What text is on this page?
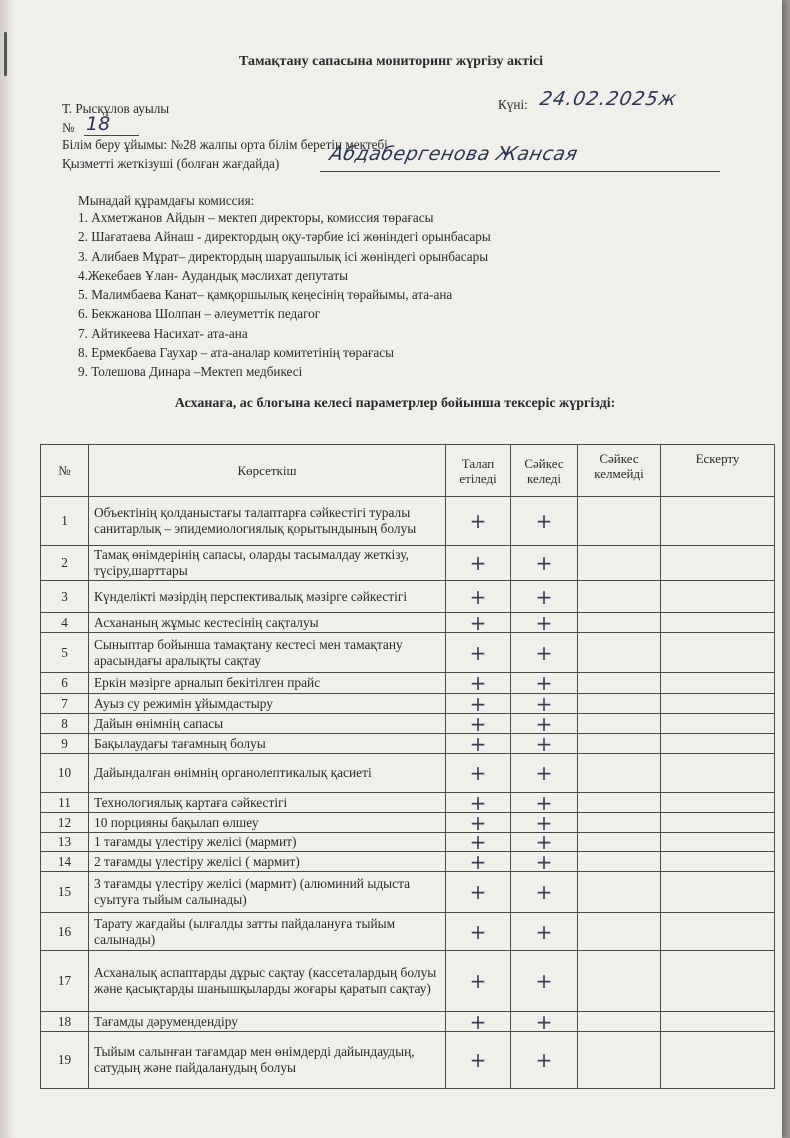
Тамақтану сапасына мониторинг жүргізу актісі
Т. Рысқұлов ауылы	Күні: 24.02.2025ж
№ 18
Білім беру ұйымы: №28 жалпы орта білім беретін мектебі
Қызметті жеткізуші (болған жағдайда)	Абдабергенова Жансая
Мынадай құрамдағы комиссия:
1. Ахметжанов Айдын – мектеп директоры, комиссия төрағасы
2. Шағатаева Айнаш - директордың оқу-тәрбие ісі жөніндегі орынбасары
3. Алибаев Мұрат– директордың шаруашылық ісі жөніндегі орынбасары
4.Жекебаев Ұлан- Аудандық мәслихат депутаты
5. Малимбаева Канат– қамқоршылық кеңесінің төрайымы, ата-ана
6. Бекжанова Шолпан – әлеуметтік педагог
7. Айтикеева Насихат- ата-ана
8. Ермекбаева Гаухар – ата-аналар комитетінің төрағасы
9. Толешова Динара –Мектеп медбикесі
Асханаға, ас блогына келесі параметрлер бойынша тексеріс жүргізді:
№	Көрсеткіш	Талап етіледі	Сәйкес келеді	Сәйкес келмейді	Ескерту
1	Объектінің қолданыстағы талаптарға сәйкестігі туралы санитарлық – эпидемиологиялық қорытындының болуы	+	+		
2	Тамақ өнімдерінің сапасы, оларды тасымалдау жеткізу, түсіру,шарттары	+	+		
3	Күнделікті мәзірдің перспективалық мәзірге сәйкестігі	+	+		
4	Асхананың жұмыс кестесінің сақталуы	+	+		
5	Сыныптар бойынша тамақтану кестесі мен тамақтану арасындағы аралықты сақтау	+	+		
6	Еркін мәзірге арналып бекітілген прайс	+	+		
7	Ауыз су режимін ұйымдастыру	+	+		
8	Дайын өнімнің сапасы	+	+		
9	Бақылаудағы тағамның болуы	+	+		
10	Дайындалған өнімнің органолептикалық қасиеті	+	+		
11	Технологиялық картаға сәйкестігі	+	+		
12	10 порцияны бақылап өлшеу	+	+		
13	1 тағамды үлестіру желісі (мармит)	+	+		
14	2 тағамды үлестіру желісі ( мармит)	+	+		
15	3 тағамды үлестіру желісі (мармит) (алюминий ыдыста суытуға тыйым салынады)	+	+		
16	Тарату жағдайы (ылғалды затты пайдалануға тыйым салынады)	+	+		
17	Асханалық аспаптарды дұрыс сақтау (кассеталардың болуы және қасықтарды шанышқыларды жоғары қаратып сақтау)	+	+		
18	Тағамды дәрумендендіру	+	+		
19	Тыйым салынған тағамдар мен өнімдерді дайындаудың, сатудың және пайдаланудың болуы	+	+		
